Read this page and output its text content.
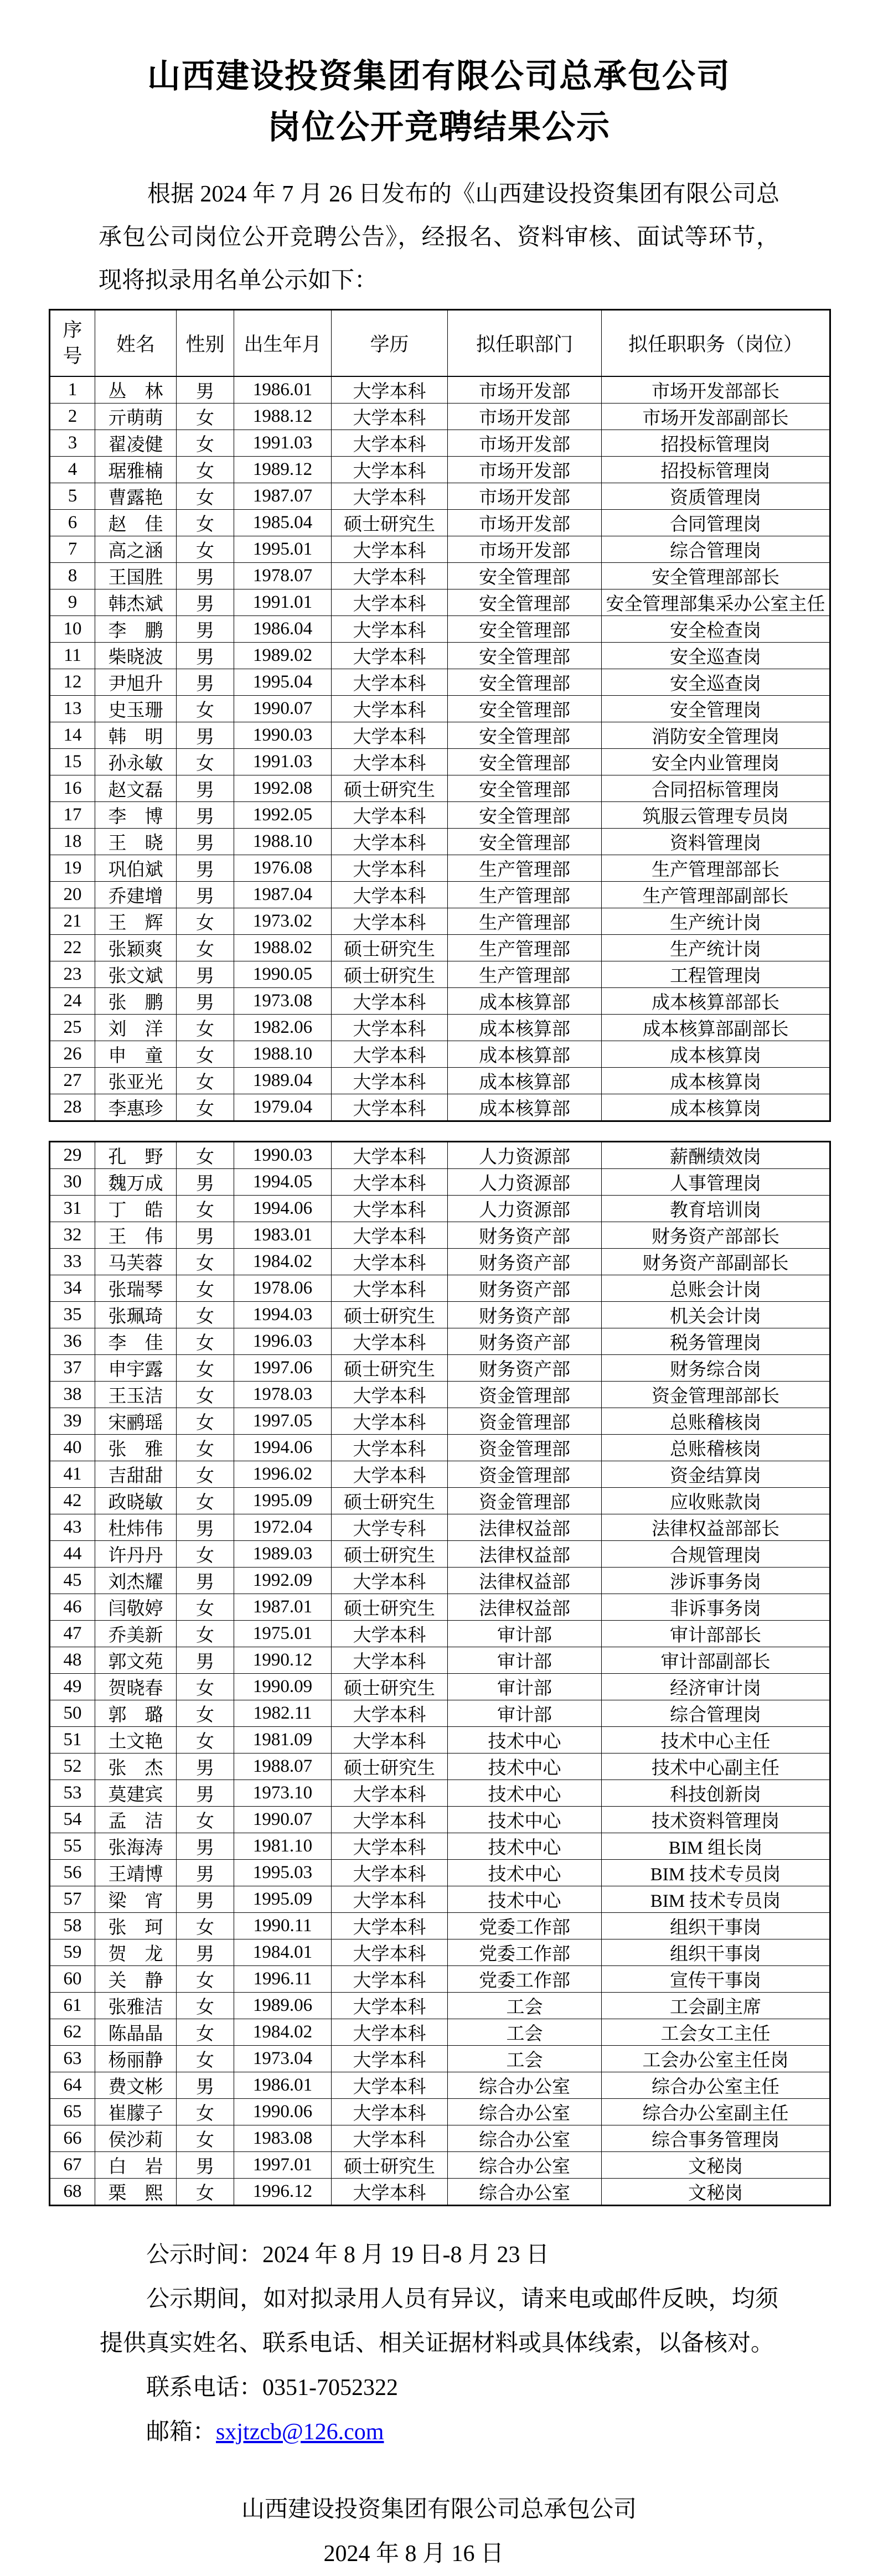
山西建设投资集团有限公司总承包公司
岗位公开竞聘结果公示

根据 2024 年 7 月 26 日发布的《山西建设投资集团有限公司总承包公司岗位公开竞聘公告》，经报名、资料审核、面试等环节，现将拟录用名单公示如下：

序号	姓名	性别	出生年月	学历	拟任职部门	拟任职职务（岗位）
1	丛　林	男	1986.01	大学本科	市场开发部	市场开发部部长
2	亓萌萌	女	1988.12	大学本科	市场开发部	市场开发部副部长
3	翟凌健	女	1991.03	大学本科	市场开发部	招投标管理岗
4	琚雅楠	女	1989.12	大学本科	市场开发部	招投标管理岗
5	曹露艳	女	1987.07	大学本科	市场开发部	资质管理岗
6	赵　佳	女	1985.04	硕士研究生	市场开发部	合同管理岗
7	高之涵	女	1995.01	大学本科	市场开发部	综合管理岗
8	王国胜	男	1978.07	大学本科	安全管理部	安全管理部部长
9	韩杰斌	男	1991.01	大学本科	安全管理部	安全管理部集采办公室主任
10	李　鹏	男	1986.04	大学本科	安全管理部	安全检查岗
11	柴晓波	男	1989.02	大学本科	安全管理部	安全巡查岗
12	尹旭升	男	1995.04	大学本科	安全管理部	安全巡查岗
13	史玉珊	女	1990.07	大学本科	安全管理部	安全管理岗
14	韩　明	男	1990.03	大学本科	安全管理部	消防安全管理岗
15	孙永敏	女	1991.03	大学本科	安全管理部	安全内业管理岗
16	赵文磊	男	1992.08	硕士研究生	安全管理部	合同招标管理岗
17	李　博	男	1992.05	大学本科	安全管理部	筑服云管理专员岗
18	王　晓	男	1988.10	大学本科	安全管理部	资料管理岗
19	巩伯斌	男	1976.08	大学本科	生产管理部	生产管理部部长
20	乔建增	男	1987.04	大学本科	生产管理部	生产管理部副部长
21	王　辉	女	1973.02	大学本科	生产管理部	生产统计岗
22	张颖爽	女	1988.02	硕士研究生	生产管理部	生产统计岗
23	张文斌	男	1990.05	硕士研究生	生产管理部	工程管理岗
24	张　鹏	男	1973.08	大学本科	成本核算部	成本核算部部长
25	刘　洋	女	1982.06	大学本科	成本核算部	成本核算部副部长
26	申　童	女	1988.10	大学本科	成本核算部	成本核算岗
27	张亚光	女	1989.04	大学本科	成本核算部	成本核算岗
28	李惠珍	女	1979.04	大学本科	成本核算部	成本核算岗
29	孔　野	女	1990.03	大学本科	人力资源部	薪酬绩效岗
30	魏万成	男	1994.05	大学本科	人力资源部	人事管理岗
31	丁　皓	女	1994.06	大学本科	人力资源部	教育培训岗
32	王　伟	男	1983.01	大学本科	财务资产部	财务资产部部长
33	马芙蓉	女	1984.02	大学本科	财务资产部	财务资产部副部长
34	张瑞琴	女	1978.06	大学本科	财务资产部	总账会计岗
35	张珮琦	女	1994.03	硕士研究生	财务资产部	机关会计岗
36	李　佳	女	1996.03	大学本科	财务资产部	税务管理岗
37	申宇露	女	1997.06	硕士研究生	财务资产部	财务综合岗
38	王玉洁	女	1978.03	大学本科	资金管理部	资金管理部部长
39	宋鹂瑶	女	1997.05	大学本科	资金管理部	总账稽核岗
40	张　雅	女	1994.06	大学本科	资金管理部	总账稽核岗
41	吉甜甜	女	1996.02	大学本科	资金管理部	资金结算岗
42	政晓敏	女	1995.09	硕士研究生	资金管理部	应收账款岗
43	杜炜伟	男	1972.04	大学专科	法律权益部	法律权益部部长
44	许丹丹	女	1989.03	硕士研究生	法律权益部	合规管理岗
45	刘杰耀	男	1992.09	大学本科	法律权益部	涉诉事务岗
46	闫敬婷	女	1987.01	硕士研究生	法律权益部	非诉事务岗
47	乔美新	女	1975.01	大学本科	审计部	审计部部长
48	郭文苑	男	1990.12	大学本科	审计部	审计部副部长
49	贺晓春	女	1990.09	硕士研究生	审计部	经济审计岗
50	郭　璐	女	1982.11	大学本科	审计部	综合管理岗
51	土文艳	女	1981.09	大学本科	技术中心	技术中心主任
52	张　杰	男	1988.07	硕士研究生	技术中心	技术中心副主任
53	莫建宾	男	1973.10	大学本科	技术中心	科技创新岗
54	孟　洁	女	1990.07	大学本科	技术中心	技术资料管理岗
55	张海涛	男	1981.10	大学本科	技术中心	BIM 组长岗
56	王靖博	男	1995.03	大学本科	技术中心	BIM 技术专员岗
57	梁　宵	男	1995.09	大学本科	技术中心	BIM 技术专员岗
58	张　珂	女	1990.11	大学本科	党委工作部	组织干事岗
59	贺　龙	男	1984.01	大学本科	党委工作部	组织干事岗
60	关　静	女	1996.11	大学本科	党委工作部	宣传干事岗
61	张雅洁	女	1989.06	大学本科	工会	工会副主席
62	陈晶晶	女	1984.02	大学本科	工会	工会女工主任
63	杨丽静	女	1973.04	大学本科	工会	工会办公室主任岗
64	费文彬	男	1986.01	大学本科	综合办公室	综合办公室主任
65	崔朦子	女	1990.06	大学本科	综合办公室	综合办公室副主任
66	侯沙莉	女	1983.08	大学本科	综合办公室	综合事务管理岗
67	白　岩	男	1997.01	硕士研究生	综合办公室	文秘岗
68	栗　熙	女	1996.12	大学本科	综合办公室	文秘岗
公示时间：2024 年 8 月 19 日-8 月 23 日
公示期间，如对拟录用人员有异议，请来电或邮件反映，均须提供真实姓名、联系电话、相关证据材料或具体线索，以备核对。
联系电话：0351-7052322
邮箱：sxjtzcb@126.com
山西建设投资集团有限公司总承包公司
2024 年 8 月 16 日
